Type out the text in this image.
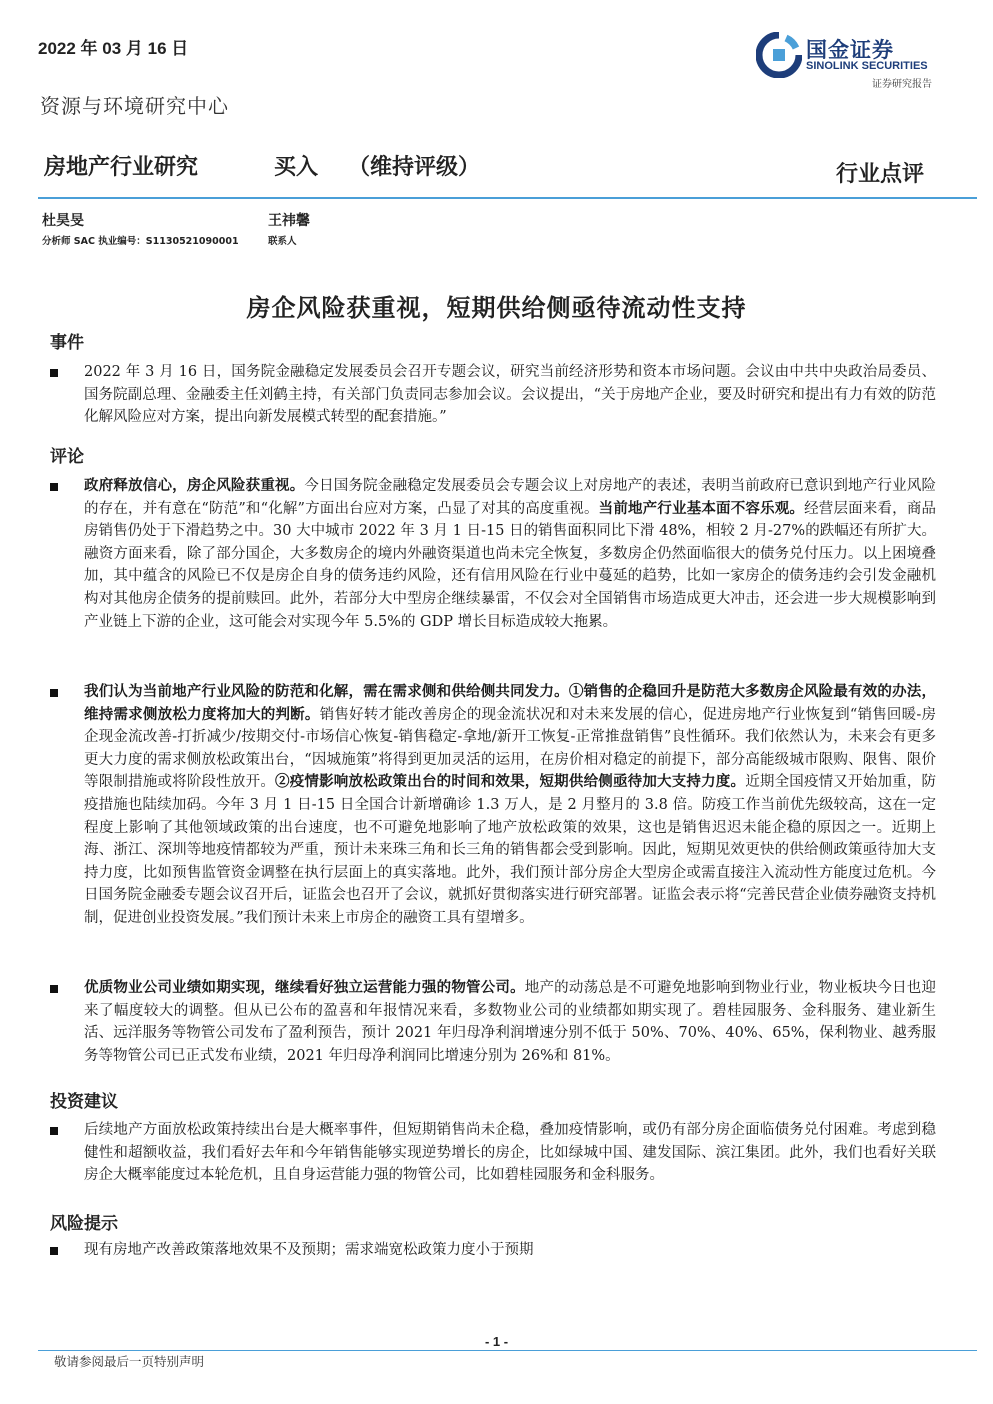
2022 年 03 月 16 日	国金证券
SINOLINK SECURITIES
证券研究报告
资源与环境研究中心
房地产行业研究	买入 （维持评级）	行业点评
杜昊旻
分析师 SAC 执业编号：S1130521090001
王祎馨
联系人
房企风险获重视，短期供给侧亟待流动性支持
事件
2022 年 3 月 16 日，国务院金融稳定发展委员会召开专题会议，研究当前经济形势和资本市场问题。会议由中共中央政治局委员、国务院副总理、金融委主任刘鹤主持，有关部门负责同志参加会议。会议提出，“关于房地产企业，要及时研究和提出有力有效的防范化解风险应对方案，提出向新发展模式转型的配套措施。”
评论
政府释放信心，房企风险获重视。今日国务院金融稳定发展委员会专题会议上对房地产的表述，表明当前政府已意识到地产行业风险的存在，并有意在“防范”和“化解”方面出台应对方案，凸显了对其的高度重视。当前地产行业基本面不容乐观。经营层面来看，商品房销售仍处于下滑趋势之中。30 大中城市 2022 年 3 月 1 日-15 日的销售面积同比下滑 48%，相较 2 月-27%的跌幅还有所扩大。融资方面来看，除了部分国企，大多数房企的境内外融资渠道也尚未完全恢复，多数房企仍然面临很大的债务兑付压力。以上困境叠加，其中蕴含的风险已不仅是房企自身的债务违约风险，还有信用风险在行业中蔓延的趋势，比如一家房企的债务违约会引发金融机构对其他房企债务的提前赎回。此外，若部分大中型房企继续暴雷，不仅会对全国销售市场造成更大冲击，还会进一步大规模影响到产业链上下游的企业，这可能会对实现今年 5.5%的 GDP 增长目标造成较大拖累。
我们认为当前地产行业风险的防范和化解，需在需求侧和供给侧共同发力。①销售的企稳回升是防范大多数房企风险最有效的办法，维持需求侧放松力度将加大的判断。销售好转才能改善房企的现金流状况和对未来发展的信心，促进房地产行业恢复到“销售回暖-房企现金流改善-打折减少/按期交付-市场信心恢复-销售稳定-拿地/新开工恢复-正常推盘销售”良性循环。我们依然认为，未来会有更多更大力度的需求侧放松政策出台，“因城施策”将得到更加灵活的运用，在房价相对稳定的前提下，部分高能级城市限购、限售、限价等限制措施或将阶段性放开。②疫情影响放松政策出台的时间和效果，短期供给侧亟待加大支持力度。近期全国疫情又开始加重，防疫措施也陆续加码。今年 3 月 1 日-15 日全国合计新增确诊 1.3 万人，是 2 月整月的 3.8 倍。防疫工作当前优先级较高，这在一定程度上影响了其他领域政策的出台速度，也不可避免地影响了地产放松政策的效果，这也是销售迟迟未能企稳的原因之一。近期上海、浙江、深圳等地疫情都较为严重，预计未来珠三角和长三角的销售都会受到影响。因此，短期见效更快的供给侧政策亟待加大支持力度，比如预售监管资金调整在执行层面上的真实落地。此外，我们预计部分房企大型房企或需直接注入流动性方能度过危机。今日国务院金融委专题会议召开后，证监会也召开了会议，就抓好贯彻落实进行研究部署。证监会表示将“完善民营企业债券融资支持机制，促进创业投资发展。”我们预计未来上市房企的融资工具有望增多。
优质物业公司业绩如期实现，继续看好独立运营能力强的物管公司。地产的动荡总是不可避免地影响到物业行业，物业板块今日也迎来了幅度较大的调整。但从已公布的盈喜和年报情况来看，多数物业公司的业绩都如期实现了。碧桂园服务、金科服务、建业新生活、远洋服务等物管公司发布了盈利预告，预计 2021 年归母净利润增速分别不低于 50%、70%、40%、65%，保利物业、越秀服务等物管公司已正式发布业绩，2021 年归母净利润同比增速分别为 26%和 81%。
投资建议
后续地产方面放松政策持续出台是大概率事件，但短期销售尚未企稳，叠加疫情影响，或仍有部分房企面临债务兑付困难。考虑到稳健性和超额收益，我们看好去年和今年销售能够实现逆势增长的房企，比如绿城中国、建发国际、滨江集团。此外，我们也看好关联房企大概率能度过本轮危机，且自身运营能力强的物管公司，比如碧桂园服务和金科服务。
风险提示
现有房地产改善政策落地效果不及预期；需求端宽松政策力度小于预期
- 1 -
敬请参阅最后一页特别声明
